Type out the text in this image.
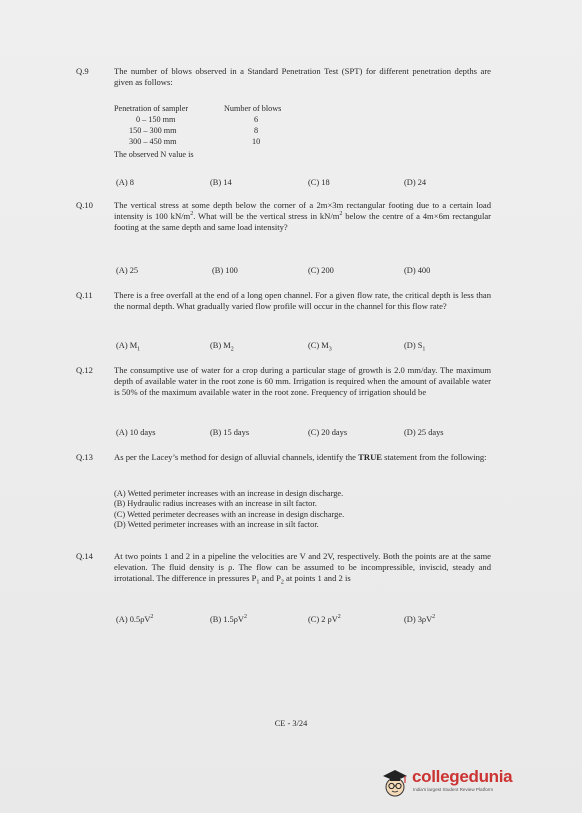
Q.9	The number of blows observed in a Standard Penetration Test (SPT) for different penetration depths are given as follows:
Penetration of sampler	Number of blows
0 – 150 mm	6
150 – 300 mm	8
300 – 450 mm	10
The observed N value is
(A) 8	(B) 14	(C) 18	(D) 24
Q.10 The vertical stress at some depth below the corner of a 2m×3m rectangular footing due to a certain load intensity is 100 $kN/m^2$. What will be the vertical stress in $kN/m^2$ below the centre of a 4m×6m rectangular footing at the same depth and same load intensity?
(A) 25	(B) 100	(C) 200	(D) 400
Q.11 There is a free overfall at the end of a long open channel. For a given flow rate, the critical depth is less than the normal depth. What gradually varied flow profile will occur in the channel for this flow rate?
(A) $M_1$	(B) $M_2$	(C) $M_3$	(D) $S_1$
Q.12 The consumptive use of water for a crop during a particular stage of growth is 2.0 mm/day. The maximum depth of available water in the root zone is 60 mm. Irrigation is required when the amount of available water is 50% of the maximum available water in the root zone. Frequency of irrigation should be
(A) 10 days	(B) 15 days	(C) 20 days	(D) 25 days
Q.13 As per the Lacey’s method for design of alluvial channels, identify the TRUE statement from the following:
(A) Wetted perimeter increases with an increase in design discharge.
(B) Hydraulic radius increases with an increase in silt factor.
(C) Wetted perimeter decreases with an increase in design discharge.
(D) Wetted perimeter increases with an increase in silt factor.
Q.14 At two points 1 and 2 in a pipeline the velocities are V and 2V, respectively. Both the points are at the same elevation. The fluid density is ρ. The flow can be assumed to be incompressible, inviscid, steady and irrotational. The difference in pressures $P_1$ and $P_2$ at points 1 and 2 is
(A) $0.5\rho V^2$	(B) $1.5\rho V^2$	(C) 2 $\rho V^2$	(D) $3\rho V^2$
CE - 3/24
collegedunia
India's largest Student Review Platform
